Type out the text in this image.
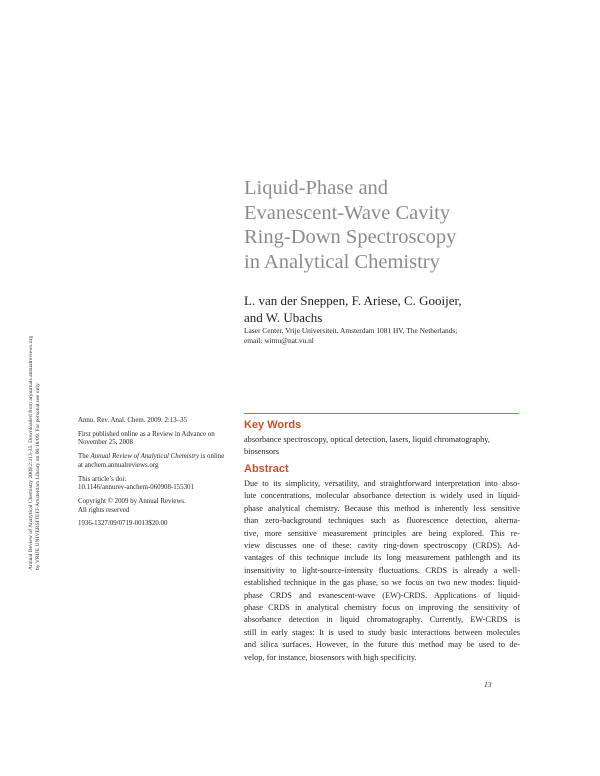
Annual Review of Analytical Chemistry 2009.2:213-35. Downloaded from arjournals.annualreviews.org by VRIJE UNIVERSITEIT-Amsterdam Library on 06/18/09. For personal use only.
Liquid-Phase and
Evanescent-Wave Cavity
Ring-Down Spectroscopy
in Analytical Chemistry
L. van der Sneppen, F. Ariese, C. Gooijer,
and W. Ubachs
Laser Center, Vrije Universiteit, Amsterdam 1081 HV, The Netherlands;
email: wimu@nat.vu.nl

Annu. Rev. Anal. Chem. 2009. 2:13–35

First published online as a Review in Advance on
November 25, 2008

The Annual Review of Analytical Chemistry is online
at anchem.annualreviews.org

This article’s doi:
10.1146/annurev-anchem-060908-155301

Copyright © 2009 by Annual Reviews.
All rights reserved

1936-1327/09/0719-0013$20.00

Key Words
absorbance spectroscopy, optical detection, lasers, liquid chromatography, biosensors
Abstract
Due to its simplicity, versatility, and straightforward interpretation into abso-
lute concentrations, molecular absorbance detection is widely used in liquid-
phase analytical chemistry. Because this method is inherently less sensitive
than zero-background techniques such as fluorescence detection, alterna-
tive, more sensitive measurement principles are being explored. This re-
view discusses one of these: cavity ring-down spectroscopy (CRDS). Ad-
vantages of this technique include its long measurement pathlength and its
insensitivity to light-source-intensity fluctuations. CRDS is already a well-
established technique in the gas phase, so we focus on two new modes: liquid-
phase CRDS and evanescent-wave (EW)-CRDS. Applications of liquid-
phase CRDS in analytical chemistry focus on improving the sensitivity of
absorbance detection in liquid chromatography. Currently, EW-CRDS is
still in early stages: It is used to study basic interactions between molecules
and silica surfaces. However, in the future this method may be used to de-
velop, for instance, biosensors with high specificity.
13
